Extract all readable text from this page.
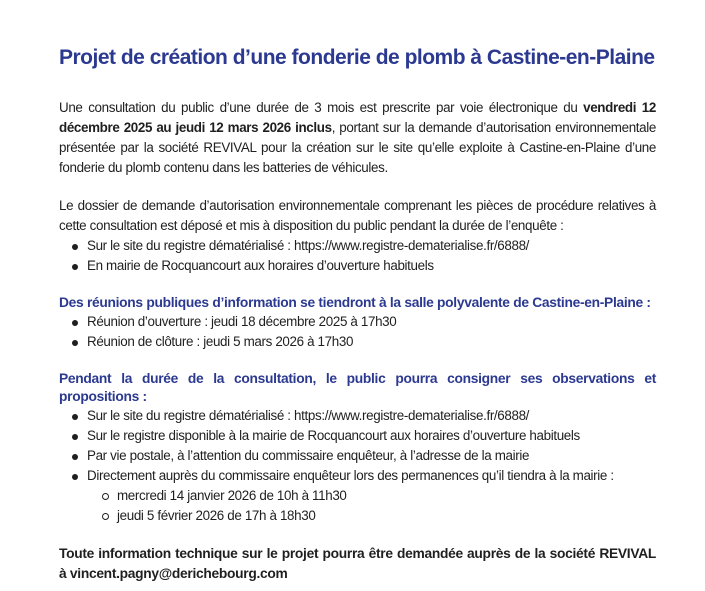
Projet de création d’une fonderie de plomb à Castine-en-Plaine

Une consultation du public d’une durée de 3 mois est prescrite par voie électronique du vendredi 12 décembre 2025 au jeudi 12 mars 2026 inclus, portant sur la demande d’autorisation environnementale présentée par la société REVIVAL pour la création sur le site qu’elle exploite à Castine-en-Plaine d’une fonderie du plomb contenu dans les batteries de véhicules.

Le dossier de demande d’autorisation environnementale comprenant les pièces de procédure relatives à cette consultation est déposé et mis à disposition du public pendant la durée de l’enquête :

Sur le site du registre dématérialisé : https://www.registre-dematerialise.fr/6888/
En mairie de Rocquancourt aux horaires d’ouverture habituels

Des réunions publiques d’information se tiendront à la salle polyvalente de Castine-en-Plaine :

Réunion d’ouverture : jeudi 18 décembre 2025 à 17h30
Réunion de clôture : jeudi 5 mars 2026 à 17h30

Pendant la durée de la consultation, le public pourra consigner ses observations et propositions :

Sur le site du registre dématérialisé : https://www.registre-dematerialise.fr/6888/
Sur le registre disponible à la mairie de Rocquancourt aux horaires d’ouverture habituels
Par vie postale, à l’attention du commissaire enquêteur, à l’adresse de la mairie
Directement auprès du commissaire enquêteur lors des permanences qu’il tiendra à la mairie :
mercredi 14 janvier 2026 de 10h à 11h30
jeudi 5 février 2026 de 17h à 18h30

Toute information technique sur le projet pourra être demandée auprès de la société REVIVAL à vincent.pagny@derichebourg.com
